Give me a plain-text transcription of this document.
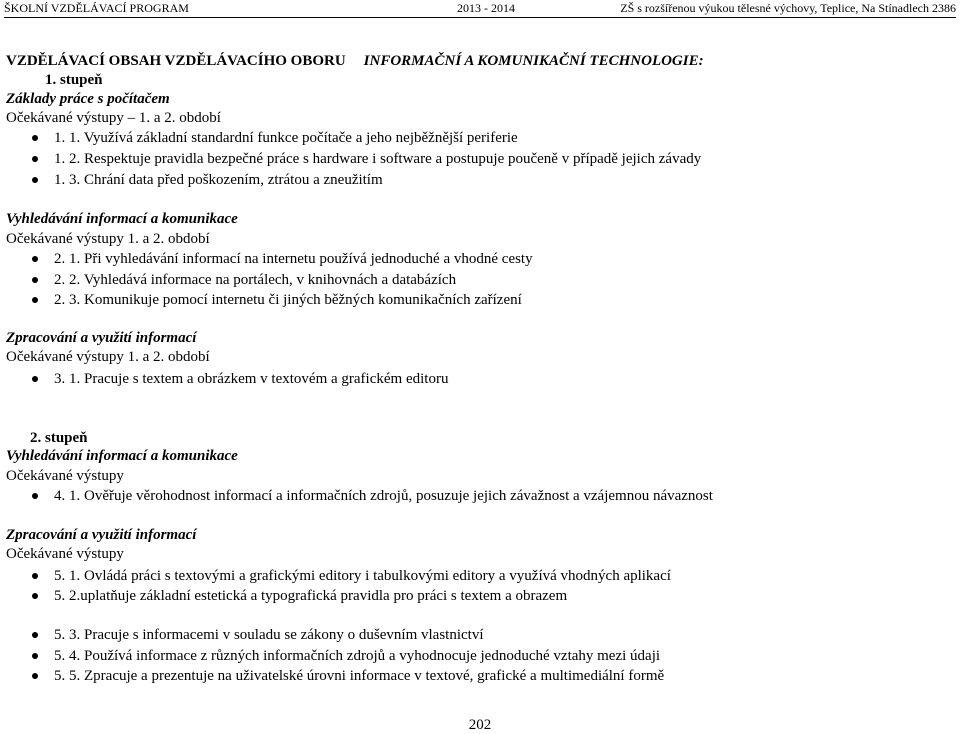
ŠKOLNÍ VZDĚLÁVACÍ PROGRAM	2013 - 2014	ZŠ s rozšířenou výukou tělesné výchovy, Teplice, Na Stínadlech 2386
VZDĚLÁVACÍ OBSAH VZDĚLÁVACÍHO OBORU INFORMAČNÍ A KOMUNIKAČNÍ TECHNOLOGIE:
1. stupeň
Základy práce s počítačem
Očekávané výstupy – 1. a 2. období
1. 1. Využívá základní standardní funkce počítače a jeho nejběžnější periferie
1. 2. Respektuje pravidla bezpečné práce s hardware i software a postupuje poučeně v případě jejich závady
1. 3. Chrání data před poškozením, ztrátou a zneužitím
Vyhledávání informací a komunikace
Očekávané výstupy 1. a 2. období
2. 1. Při vyhledávání informací na internetu používá jednoduché a vhodné cesty
2. 2. Vyhledává informace na portálech, v knihovnách a databázích
2. 3. Komunikuje pomocí internetu či jiných běžných komunikačních zařízení
Zpracování a využití informací
Očekávané výstupy 1. a 2. období
3. 1. Pracuje s textem a obrázkem v textovém a grafickém editoru
2. stupeň
Vyhledávání informací a komunikace
Očekávané výstupy
4. 1. Ověřuje věrohodnost informací a informačních zdrojů, posuzuje jejich závažnost a vzájemnou návaznost
Zpracování a využití informací
Očekávané výstupy
5. 1. Ovládá práci s textovými a grafickými editory i tabulkovými editory a využívá vhodných aplikací
5. 2.uplatňuje základní estetická a typografická pravidla pro práci s textem a obrazem
5. 3. Pracuje s informacemi v souladu se zákony o duševním vlastnictví
5. 4. Používá informace z různých informačních zdrojů a vyhodnocuje jednoduché vztahy mezi údaji
5. 5. Zpracuje a prezentuje na uživatelské úrovni informace v textové, grafické a multimediální formě
202
